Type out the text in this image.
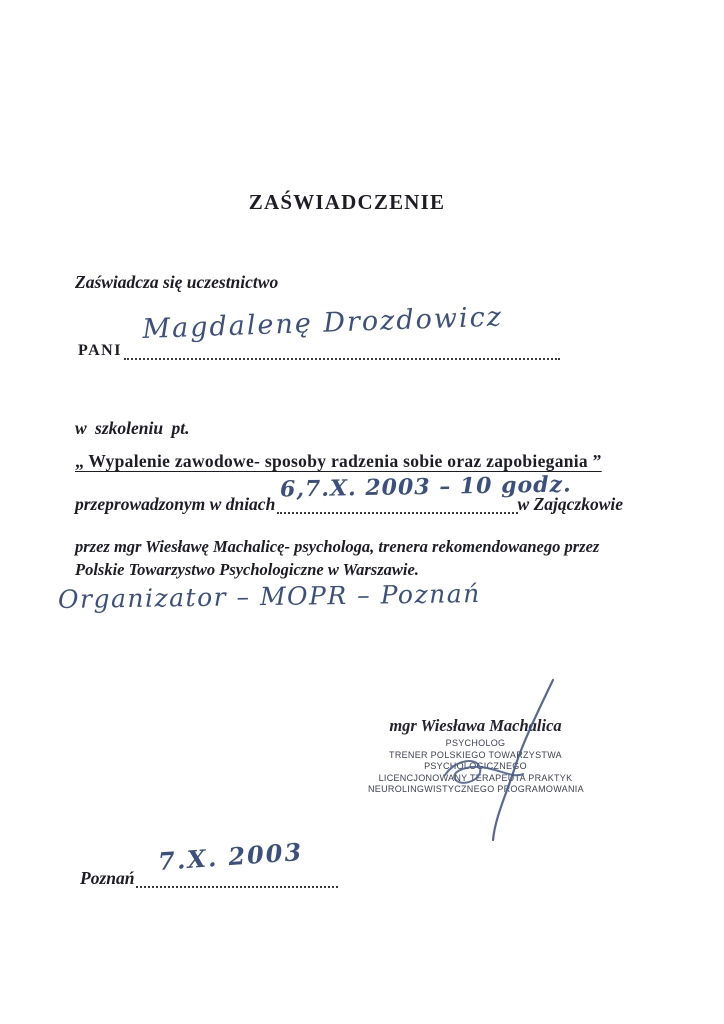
ZAŚWIADCZENIE
Zaświadcza się uczestnictwo
PANI
Magdalenę Drozdowicz
w szkoleniu pt.
„ Wypalenie zawodowe- sposoby radzenia sobie oraz zapobiegania ”
przeprowadzonym w dniach	w Zajączkowie
6,7.X. 2003 – 10 godz.
przez mgr Wiesławę Machalicę- psychologa, trenera rekomendowanego przez
Polskie Towarzystwo Psychologiczne w Warszawie.
Organizator – MOPR – Poznań
mgr Wiesława Machalica
PSYCHOLOG
TRENER POLSKIEGO TOWARZYSTWA
PSYCHOLOGICZNEGO
LICENCJONOWANY TERAPEUTA PRAKTYK
NEUROLINGWISTYCZNEGO PROGRAMOWANIA
Poznań
7.X. 2003
